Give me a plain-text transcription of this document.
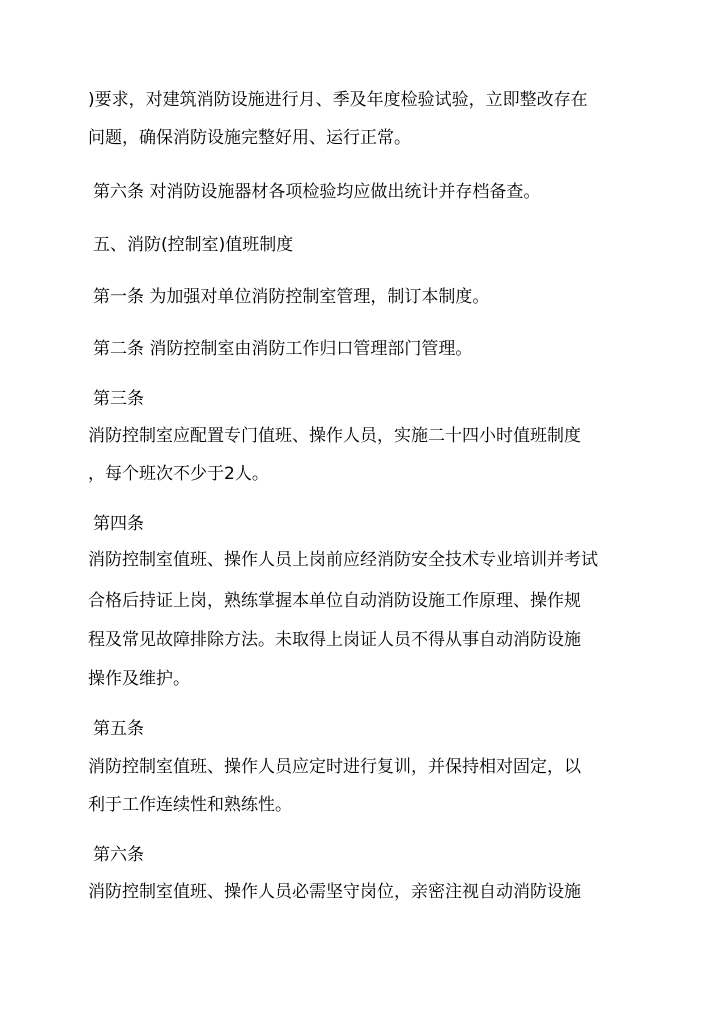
)要求，对建筑消防设施进行月、季及年度检验试验，立即整改存在
问题，确保消防设施完整好用、运行正常。
第六条 对消防设施器材各项检验均应做出统计并存档备查。
五、消防(控制室)值班制度
第一条 为加强对单位消防控制室管理，制订本制度。
第二条 消防控制室由消防工作归口管理部门管理。
第三条
消防控制室应配置专门值班、操作人员，实施二十四小时值班制度
，每个班次不少于2人。
第四条
消防控制室值班、操作人员上岗前应经消防安全技术专业培训并考试
合格后持证上岗，熟练掌握本单位自动消防设施工作原理、操作规
程及常见故障排除方法。未取得上岗证人员不得从事自动消防设施
操作及维护。
第五条
消防控制室值班、操作人员应定时进行复训，并保持相对固定，以
利于工作连续性和熟练性。
第六条
消防控制室值班、操作人员必需坚守岗位，亲密注视自动消防设施
